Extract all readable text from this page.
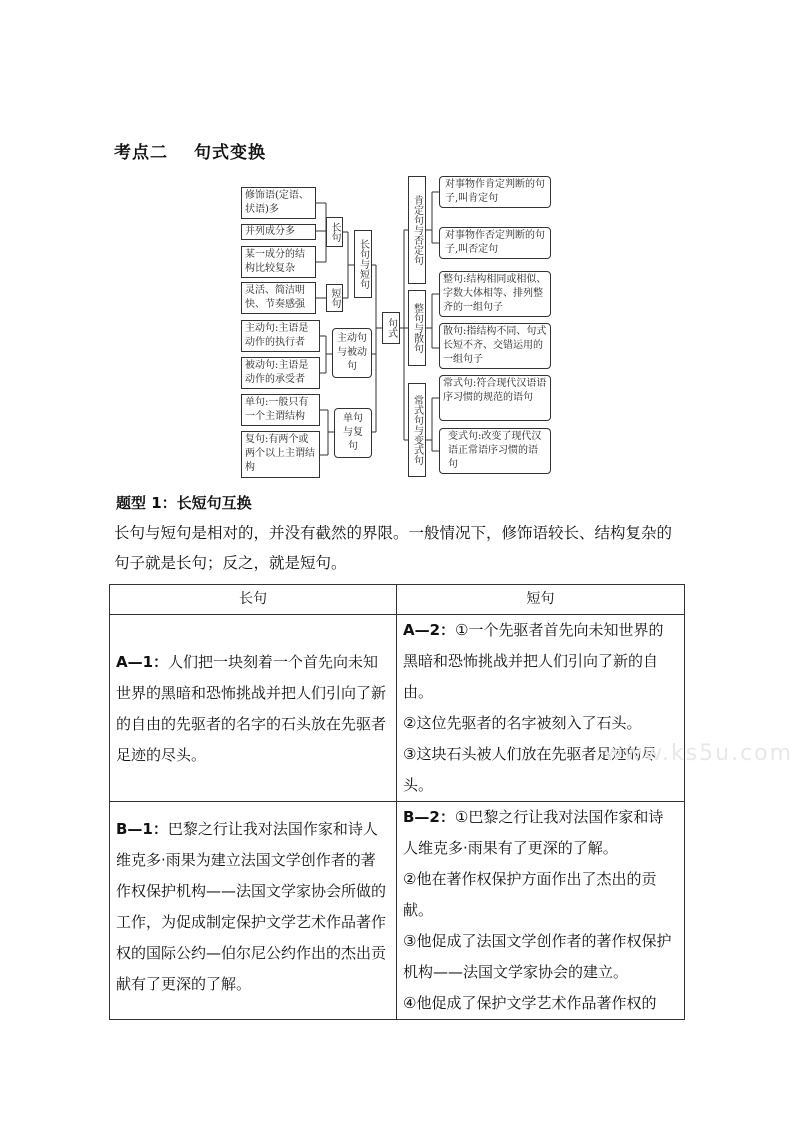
考点二 句式变换
修饰语(定语、状语)多
并列成分多
某一成分的结构比较复杂
灵活、简洁明快、节奏感强
主动句:主语是动作的执行者
被动句:主语是动作的承受者
单句:一般只有一个主谓结构
复句:有两个或两个以上主谓结构
长句
短句
长句与短句
主动句与被动句
单句与复句
句式
肯定句与否定句
整句与散句
常式句与变式句
对事物作肯定判断的句子,叫肯定句
对事物作否定判断的句子,叫否定句
整句:结构相同或相似、字数大体相等、排列整齐的一组句子
散句:指结构不同、句式长短不齐、交错运用的一组句子
常式句:符合现代汉语语序习惯的规范的语句
变式句:改变了现代汉语正常语序习惯的语句
题型 1：长短句互换
长句与短句是相对的，并没有截然的界限。一般情况下，修饰语较长、结构复杂的句子就是长句；反之，就是短句。
长句	短句

A—1：人们把一块刻着一个首先向未知世界的黑暗和恐怖挑战并把人们引向了新的自由的先驱者的名字的石头放在先驱者足迹的尽头。	A—2：①一个先驱者首先向未知世界的黑暗和恐怖挑战并把人们引向了新的自由。
②这位先驱者的名字被刻入了石头。
③这块石头被人们放在先驱者足迹的尽头。

B—1：巴黎之行让我对法国作家和诗人维克多·雨果为建立法国文学创作者的著作权保护机构——法国文学家协会所做的工作，为促成制定保护文学艺术作品著作权的国际公约—伯尔尼公约作出的杰出贡献有了更深的了解。	B—2：①巴黎之行让我对法国作家和诗人维克多·雨果有了更深的了解。
②他在著作权保护方面作出了杰出的贡献。
③他促成了法国文学创作者的著作权保护机构——法国文学家协会的建立。
④他促成了保护文学艺术作品著作权的
www.ks5u.com
